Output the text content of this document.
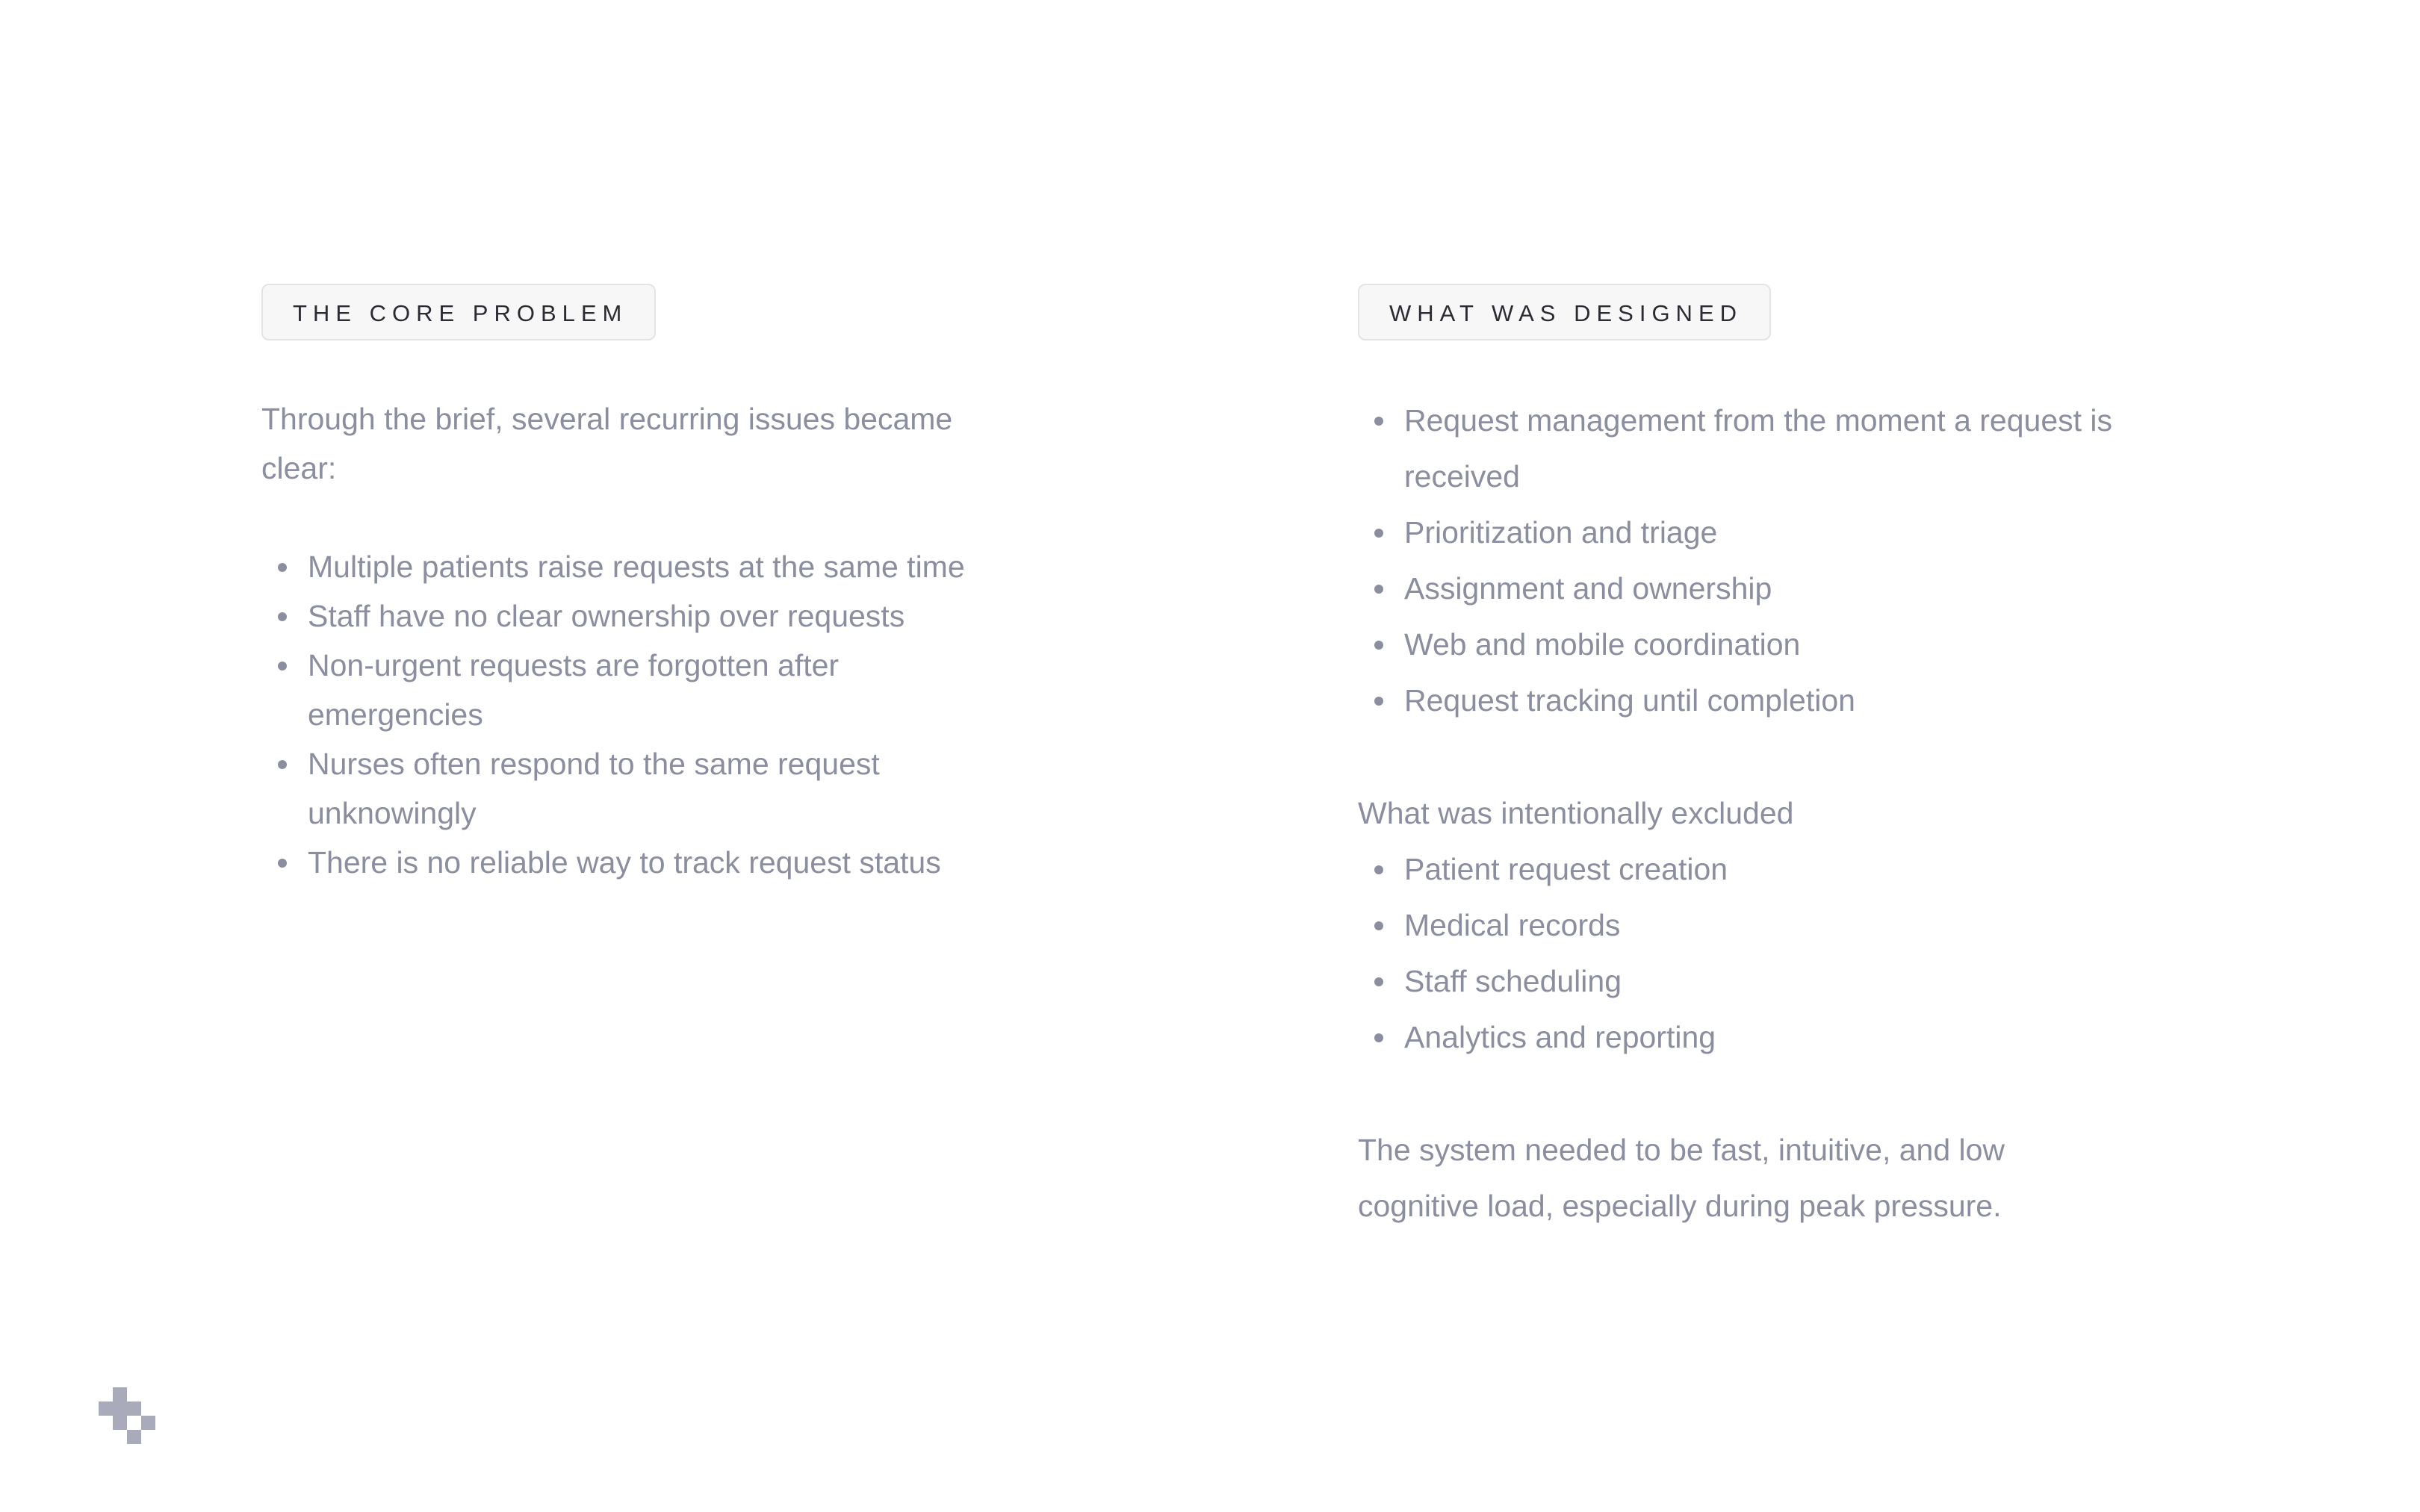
THE CORE PROBLEM

Through the brief, several recurring issues became clear:

Multiple patients raise requests at the same time
Staff have no clear ownership over requests
Non-urgent requests are forgotten after emergencies
Nurses often respond to the same request unknowingly
There is no reliable way to track request status
WHAT WAS DESIGNED
Request management from the moment a request is received
Prioritization and triage
Assignment and ownership
Web and mobile coordination
Request tracking until completion

What was intentionally excluded

Patient request creation
Medical records
Staff scheduling
Analytics and reporting

The system needed to be fast, intuitive, and low cognitive load, especially during peak pressure.
